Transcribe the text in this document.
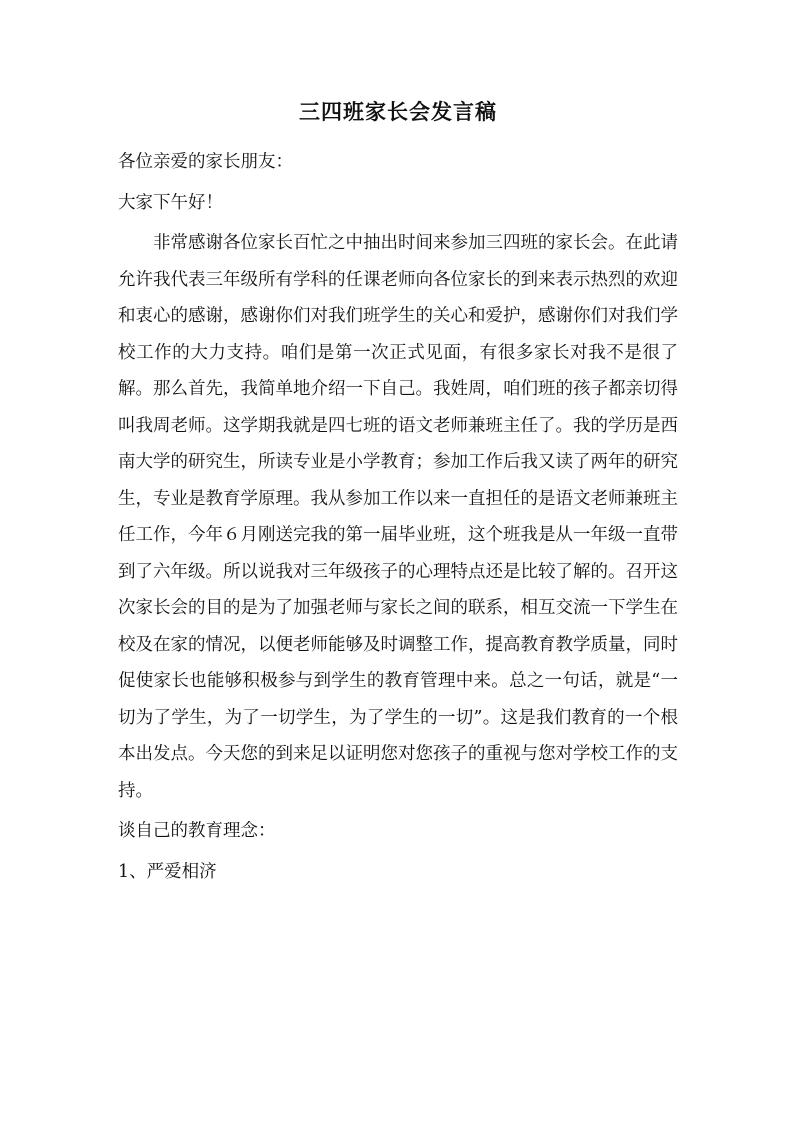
三四班家长会发言稿

各位亲爱的家长朋友：

大家下午好！

非常感谢各位家长百忙之中抽出时间来参加三四班的家长会。在此请允许我代表三年级所有学科的任课老师向各位家长的到来表示热烈的欢迎和衷心的感谢，感谢你们对我们班学生的关心和爱护，感谢你们对我们学校工作的大力支持。咱们是第一次正式见面，有很多家长对我不是很了解。那么首先，我简单地介绍一下自己。我姓周，咱们班的孩子都亲切得叫我周老师。这学期我就是四七班的语文老师兼班主任了。我的学历是西南大学的研究生，所读专业是小学教育；参加工作后我又读了两年的研究生，专业是教育学原理。我从参加工作以来一直担任的是语文老师兼班主任工作，今年６月刚送完我的第一届毕业班，这个班我是从一年级一直带到了六年级。所以说我对三年级孩子的心理特点还是比较了解的。召开这次家长会的目的是为了加强老师与家长之间的联系，相互交流一下学生在校及在家的情况，以便老师能够及时调整工作，提高教育教学质量，同时促使家长也能够积极参与到学生的教育管理中来。总之一句话，就是“一切为了学生，为了一切学生，为了学生的一切”。这是我们教育的一个根本出发点。今天您的到来足以证明您对您孩子的重视与您对学校工作的支持。

谈自己的教育理念：

1、严爱相济
